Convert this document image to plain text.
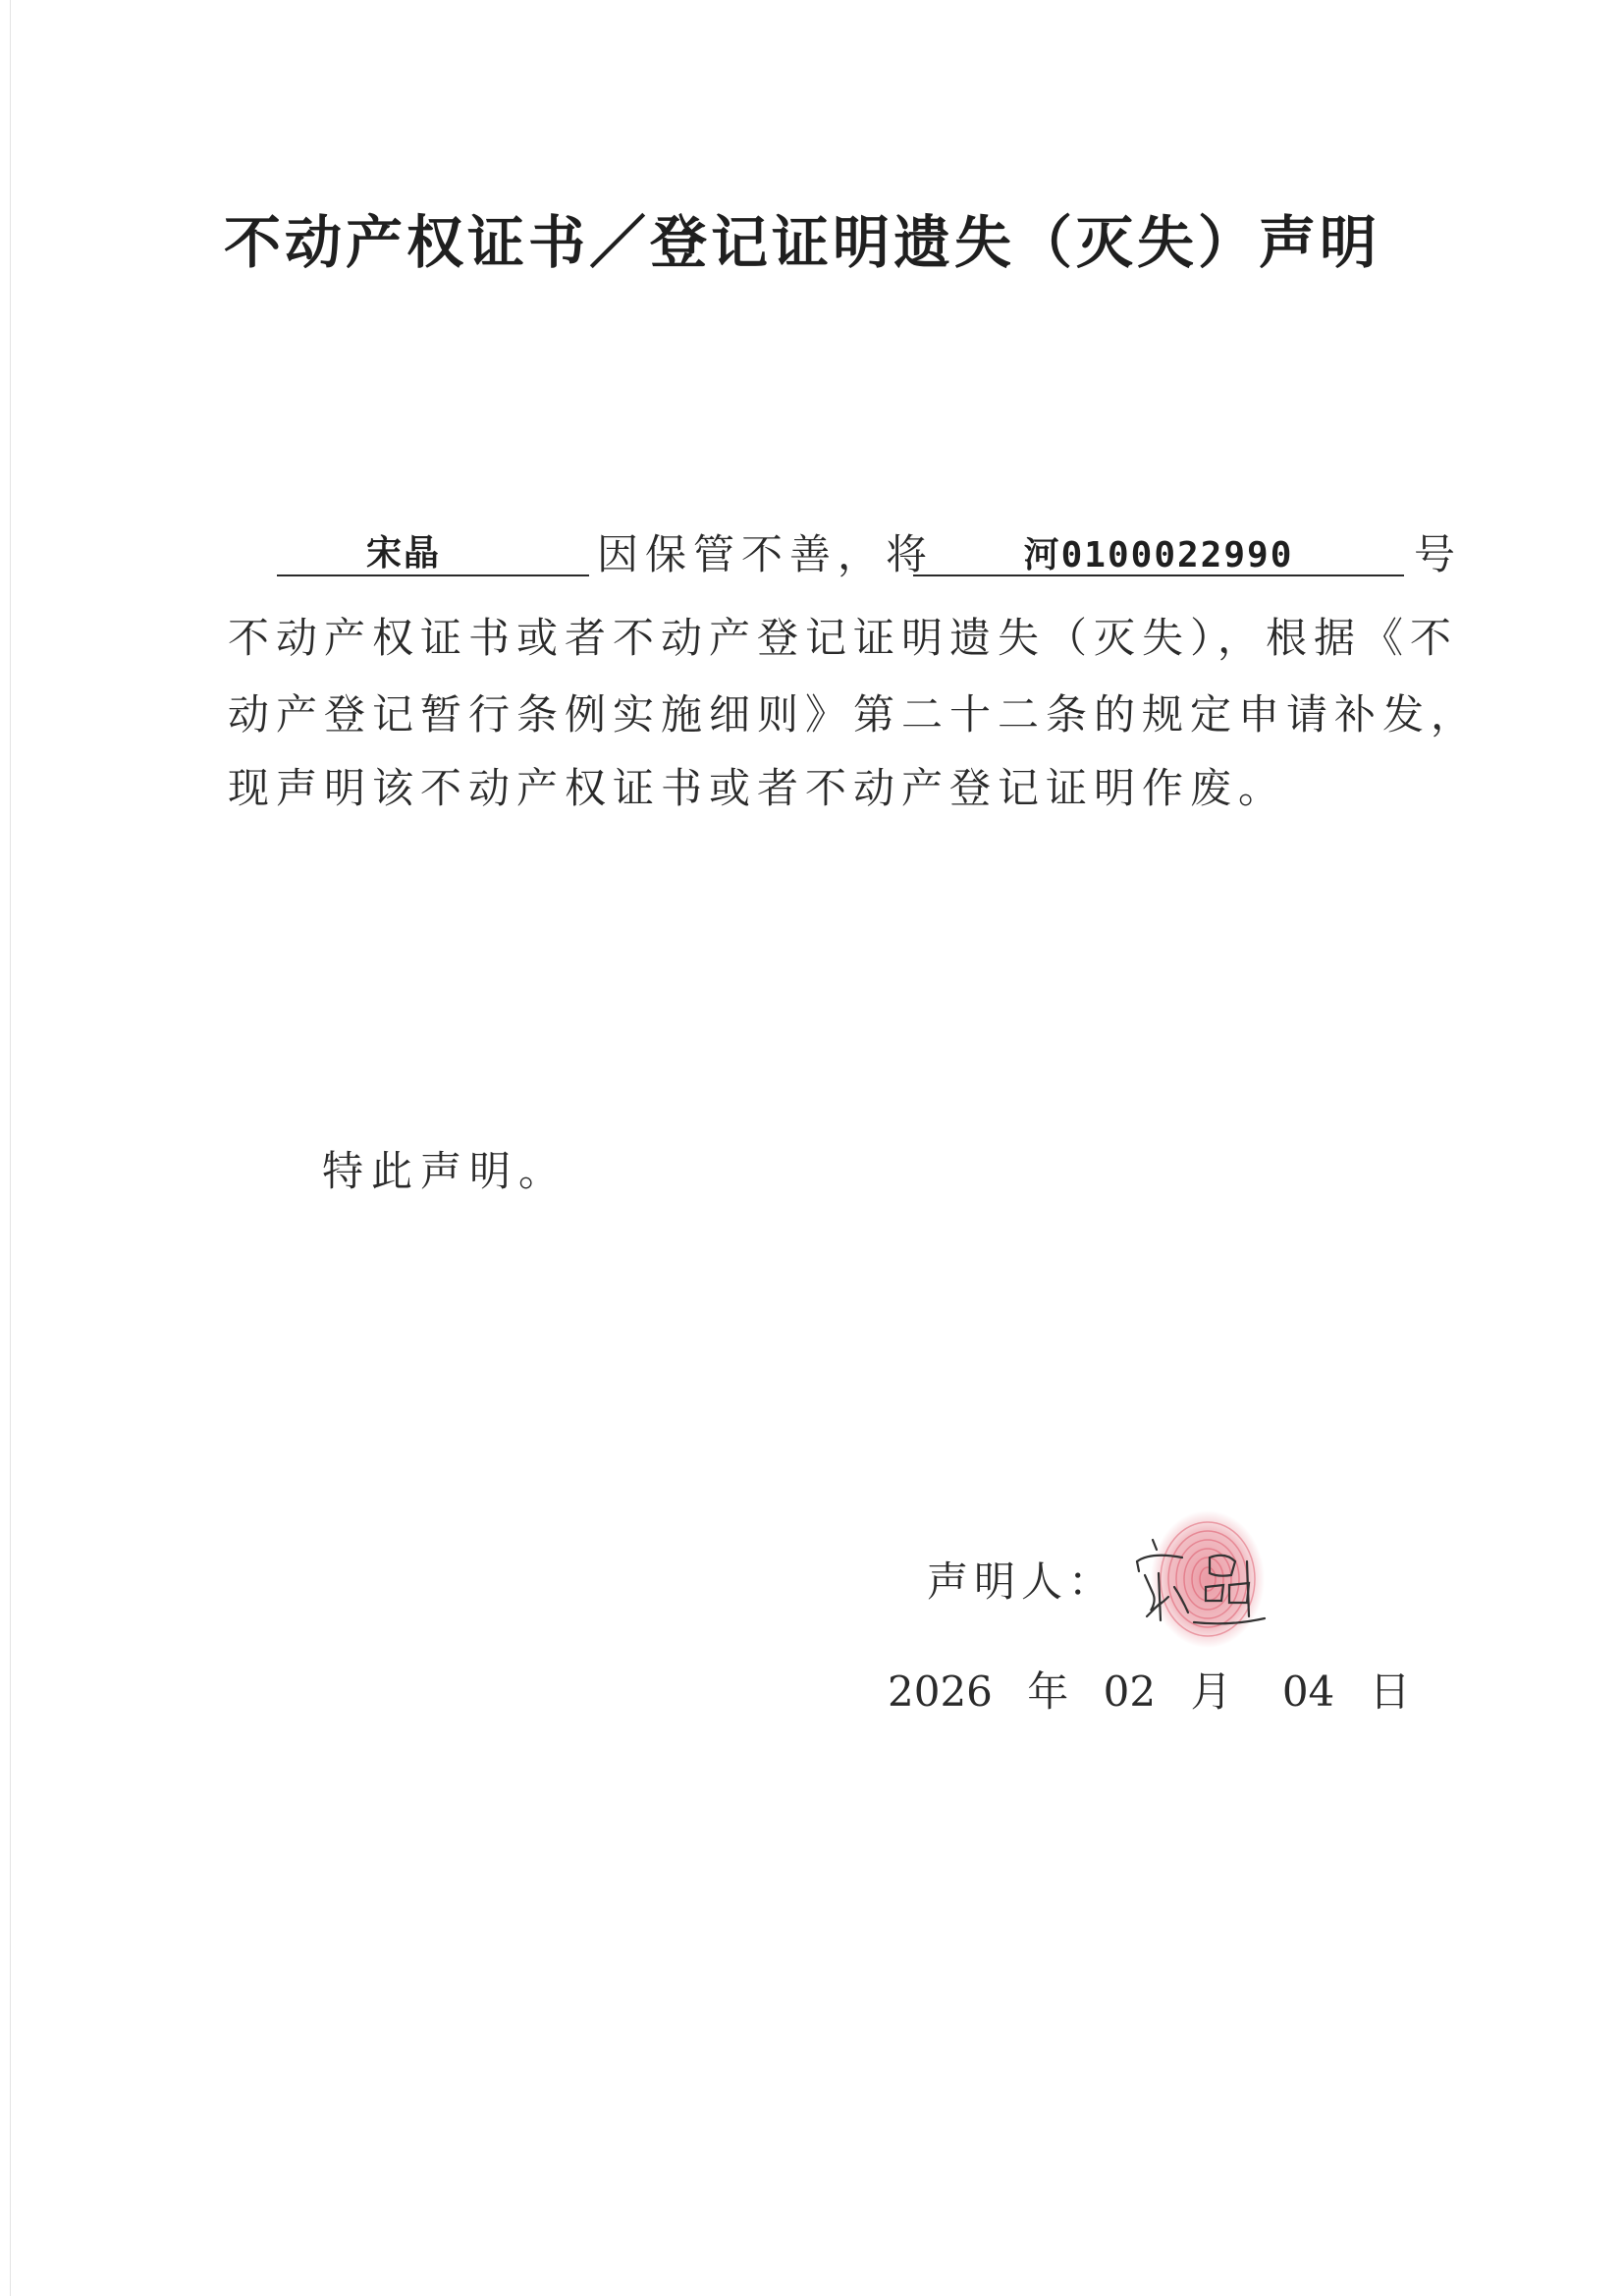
不动产权证书／登记证明遗失（灭失）声明
宋晶	因保管不善，将	河0100022990	号
不动产权证书或者不动产登记证明遗失（灭失），根据《不
动产登记暂行条例实施细则》第二十二条的规定申请补发，
现声明该不动产权证书或者不动产登记证明作废。
特此声明。
声明人：
2026 年 02 月 04 日
